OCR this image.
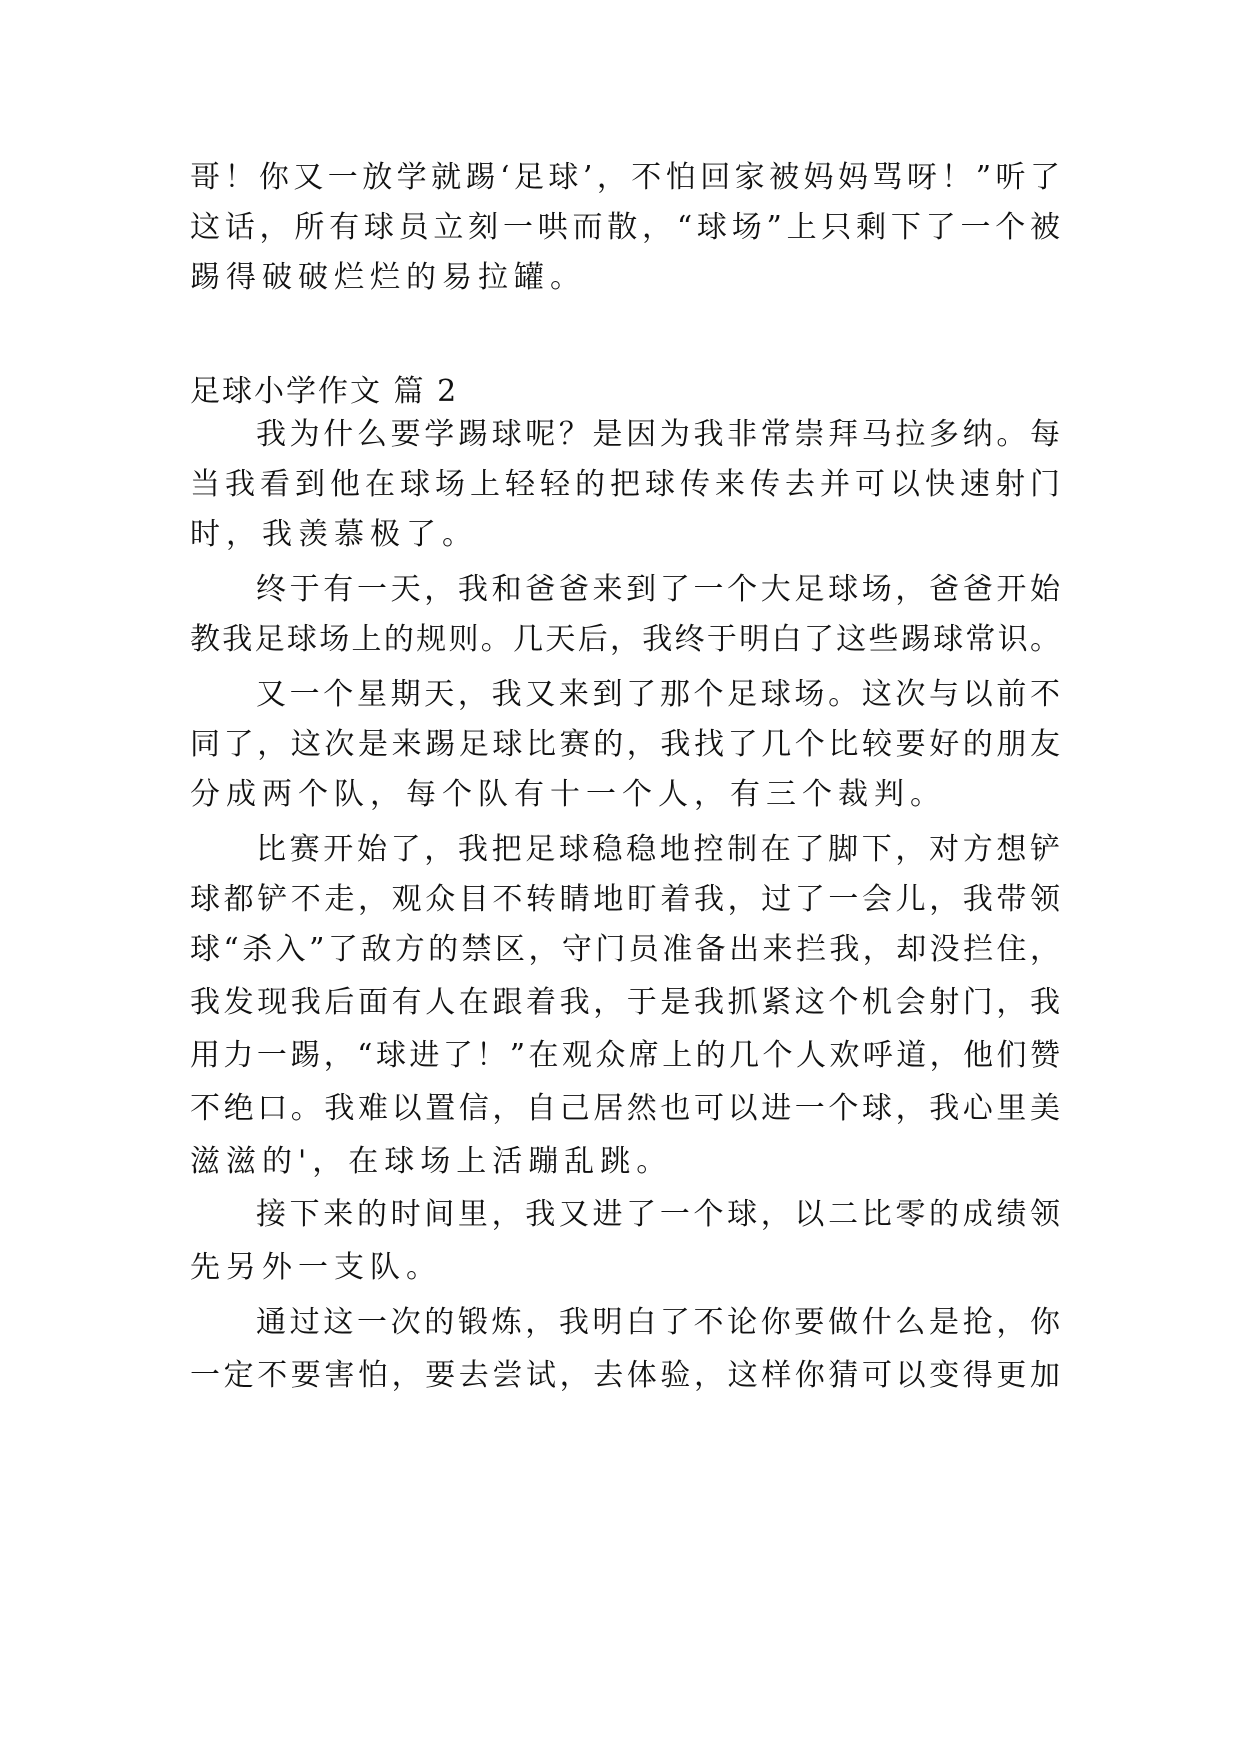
哥！你又一放学就踢‘足球’，不怕回家被妈妈骂呀！”听了
这话，所有球员立刻一哄而散，“球场”上只剩下了一个被
踢得破破烂烂的易拉罐。
足球小学作文 篇 2
我为什么要学踢球呢？是因为我非常崇拜马拉多纳。每
当我看到他在球场上轻轻的把球传来传去并可以快速射门
时，我羡慕极了。
终于有一天，我和爸爸来到了一个大足球场，爸爸开始
教我足球场上的规则。几天后，我终于明白了这些踢球常识。
又一个星期天，我又来到了那个足球场。这次与以前不
同了，这次是来踢足球比赛的，我找了几个比较要好的朋友
分成两个队，每个队有十一个人，有三个裁判。
比赛开始了，我把足球稳稳地控制在了脚下，对方想铲
球都铲不走，观众目不转睛地盯着我，过了一会儿，我带领
球“杀入”了敌方的禁区，守门员准备出来拦我，却没拦住，
我发现我后面有人在跟着我，于是我抓紧这个机会射门，我
用力一踢，“球进了！”在观众席上的几个人欢呼道，他们赞
不绝口。我难以置信，自己居然也可以进一个球，我心里美
滋滋的'，在球场上活蹦乱跳。
接下来的时间里，我又进了一个球，以二比零的成绩领
先另外一支队。
通过这一次的锻炼，我明白了不论你要做什么是抢，你
一定不要害怕，要去尝试，去体验，这样你猜可以变得更加
